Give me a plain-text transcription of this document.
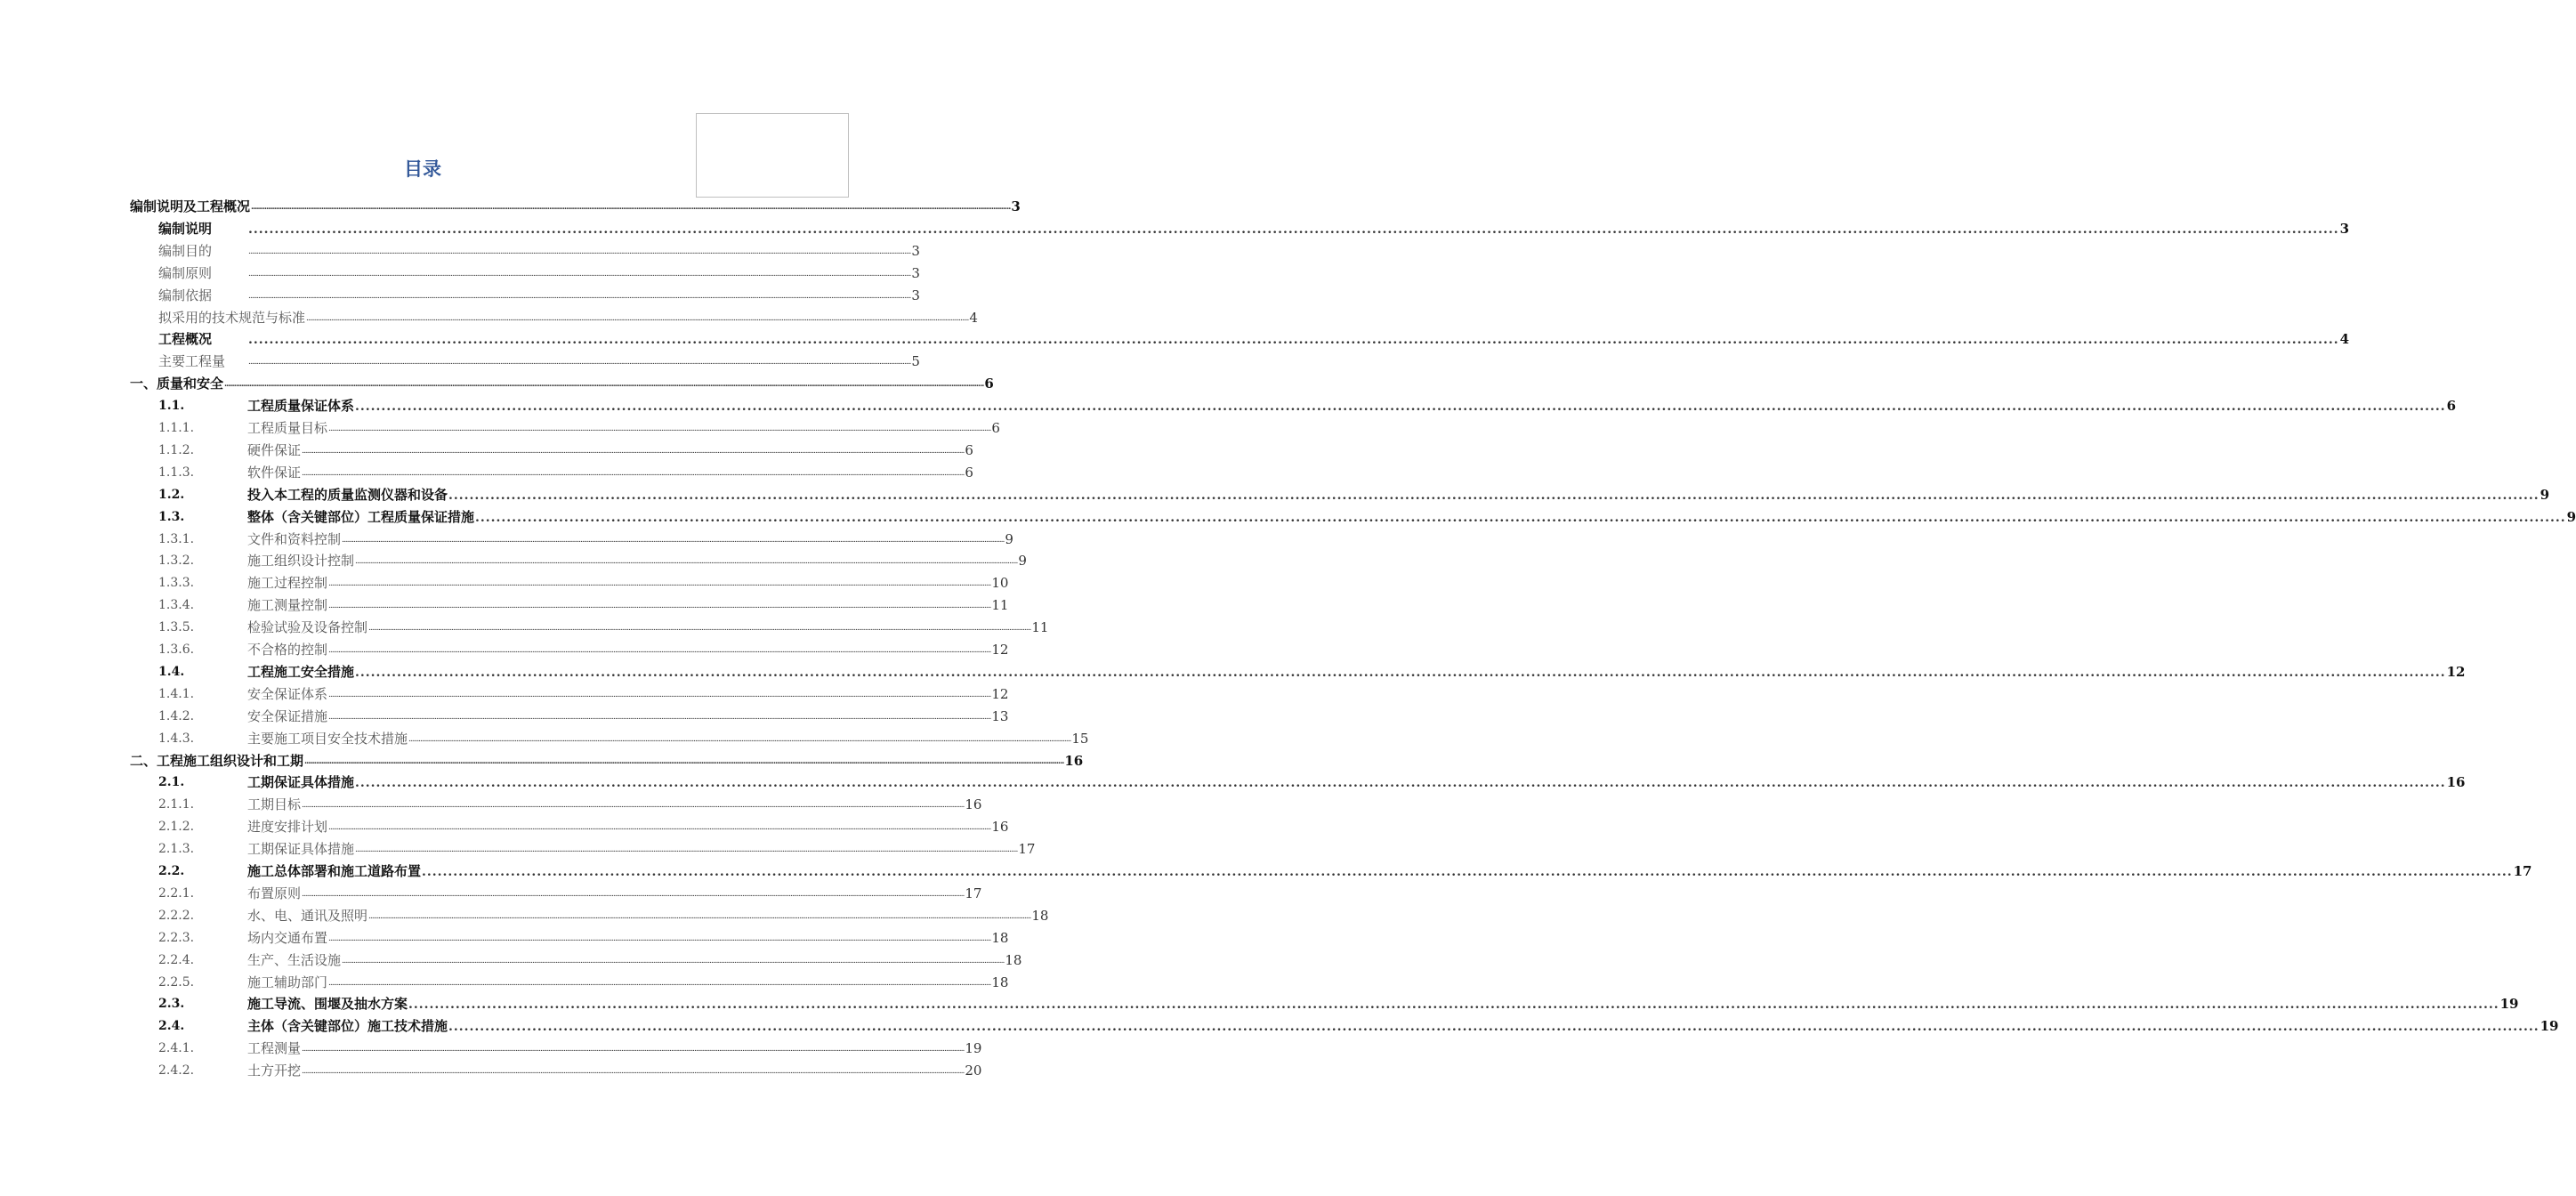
目录
编制说明及工程概况 ................................................................................................................................................................................................................................................................................................................................................................................................................ 3
编制说明	................................................................................................................................................................................................................................................................................................................................................................................................................ 3
编制目的	................................................................................................................................................................................................................................................................................................................................................................................................................ 3
编制原则	................................................................................................................................................................................................................................................................................................................................................................................................................ 3
编制依据	................................................................................................................................................................................................................................................................................................................................................................................................................ 3
拟采用的技术规范与标准 ................................................................................................................................................................................................................................................................................................................................................................................................................ 4
工程概况	................................................................................................................................................................................................................................................................................................................................................................................................................ 4
主要工程量	................................................................................................................................................................................................................................................................................................................................................................................................................ 5
一、质量和安全 ................................................................................................................................................................................................................................................................................................................................................................................................................ 6
1.1.	工程质量保证体系 ................................................................................................................................................................................................................................................................................................................................................................................................................ 6
1.1.1.	工程质量目标 ................................................................................................................................................................................................................................................................................................................................................................................................................ 6
1.1.2.	硬件保证 ................................................................................................................................................................................................................................................................................................................................................................................................................ 6
1.1.3.	软件保证 ................................................................................................................................................................................................................................................................................................................................................................................................................ 6
1.2.	投入本工程的质量监测仪器和设备 ................................................................................................................................................................................................................................................................................................................................................................................................................ 9
1.3.	整体（含关键部位）工程质量保证措施 ................................................................................................................................................................................................................................................................................................................................................................................................................ 9
1.3.1.	文件和资料控制 ................................................................................................................................................................................................................................................................................................................................................................................................................ 9
1.3.2.	施工组织设计控制 ................................................................................................................................................................................................................................................................................................................................................................................................................ 9
1.3.3.	施工过程控制 ................................................................................................................................................................................................................................................................................................................................................................................................................ 10
1.3.4.	施工测量控制 ................................................................................................................................................................................................................................................................................................................................................................................................................ 11
1.3.5.	检验试验及设备控制 ................................................................................................................................................................................................................................................................................................................................................................................................................ 11
1.3.6.	不合格的控制 ................................................................................................................................................................................................................................................................................................................................................................................................................ 12
1.4.	工程施工安全措施 ................................................................................................................................................................................................................................................................................................................................................................................................................ 12
1.4.1.	安全保证体系 ................................................................................................................................................................................................................................................................................................................................................................................................................ 12
1.4.2.	安全保证措施 ................................................................................................................................................................................................................................................................................................................................................................................................................ 13
1.4.3.	主要施工项目安全技术措施 ................................................................................................................................................................................................................................................................................................................................................................................................................ 15
二、工程施工组织设计和工期 ................................................................................................................................................................................................................................................................................................................................................................................................................ 16
2.1.	工期保证具体措施 ................................................................................................................................................................................................................................................................................................................................................................................................................ 16
2.1.1.	工期目标 ................................................................................................................................................................................................................................................................................................................................................................................................................ 16
2.1.2.	进度安排计划 ................................................................................................................................................................................................................................................................................................................................................................................................................ 16
2.1.3.	工期保证具体措施 ................................................................................................................................................................................................................................................................................................................................................................................................................ 17
2.2.	施工总体部署和施工道路布置 ................................................................................................................................................................................................................................................................................................................................................................................................................ 17
2.2.1.	布置原则 ................................................................................................................................................................................................................................................................................................................................................................................................................ 17
2.2.2.	水、电、通讯及照明 ................................................................................................................................................................................................................................................................................................................................................................................................................ 18
2.2.3.	场内交通布置 ................................................................................................................................................................................................................................................................................................................................................................................................................ 18
2.2.4.	生产、生活设施 ................................................................................................................................................................................................................................................................................................................................................................................................................ 18
2.2.5.	施工辅助部门 ................................................................................................................................................................................................................................................................................................................................................................................................................ 18
2.3.	施工导流、围堰及抽水方案 ................................................................................................................................................................................................................................................................................................................................................................................................................ 19
2.4.	主体（含关键部位）施工技术措施 ................................................................................................................................................................................................................................................................................................................................................................................................................ 19
2.4.1.	工程测量 ................................................................................................................................................................................................................................................................................................................................................................................................................ 19
2.4.2.	土方开挖 ................................................................................................................................................................................................................................................................................................................................................................................................................ 20
